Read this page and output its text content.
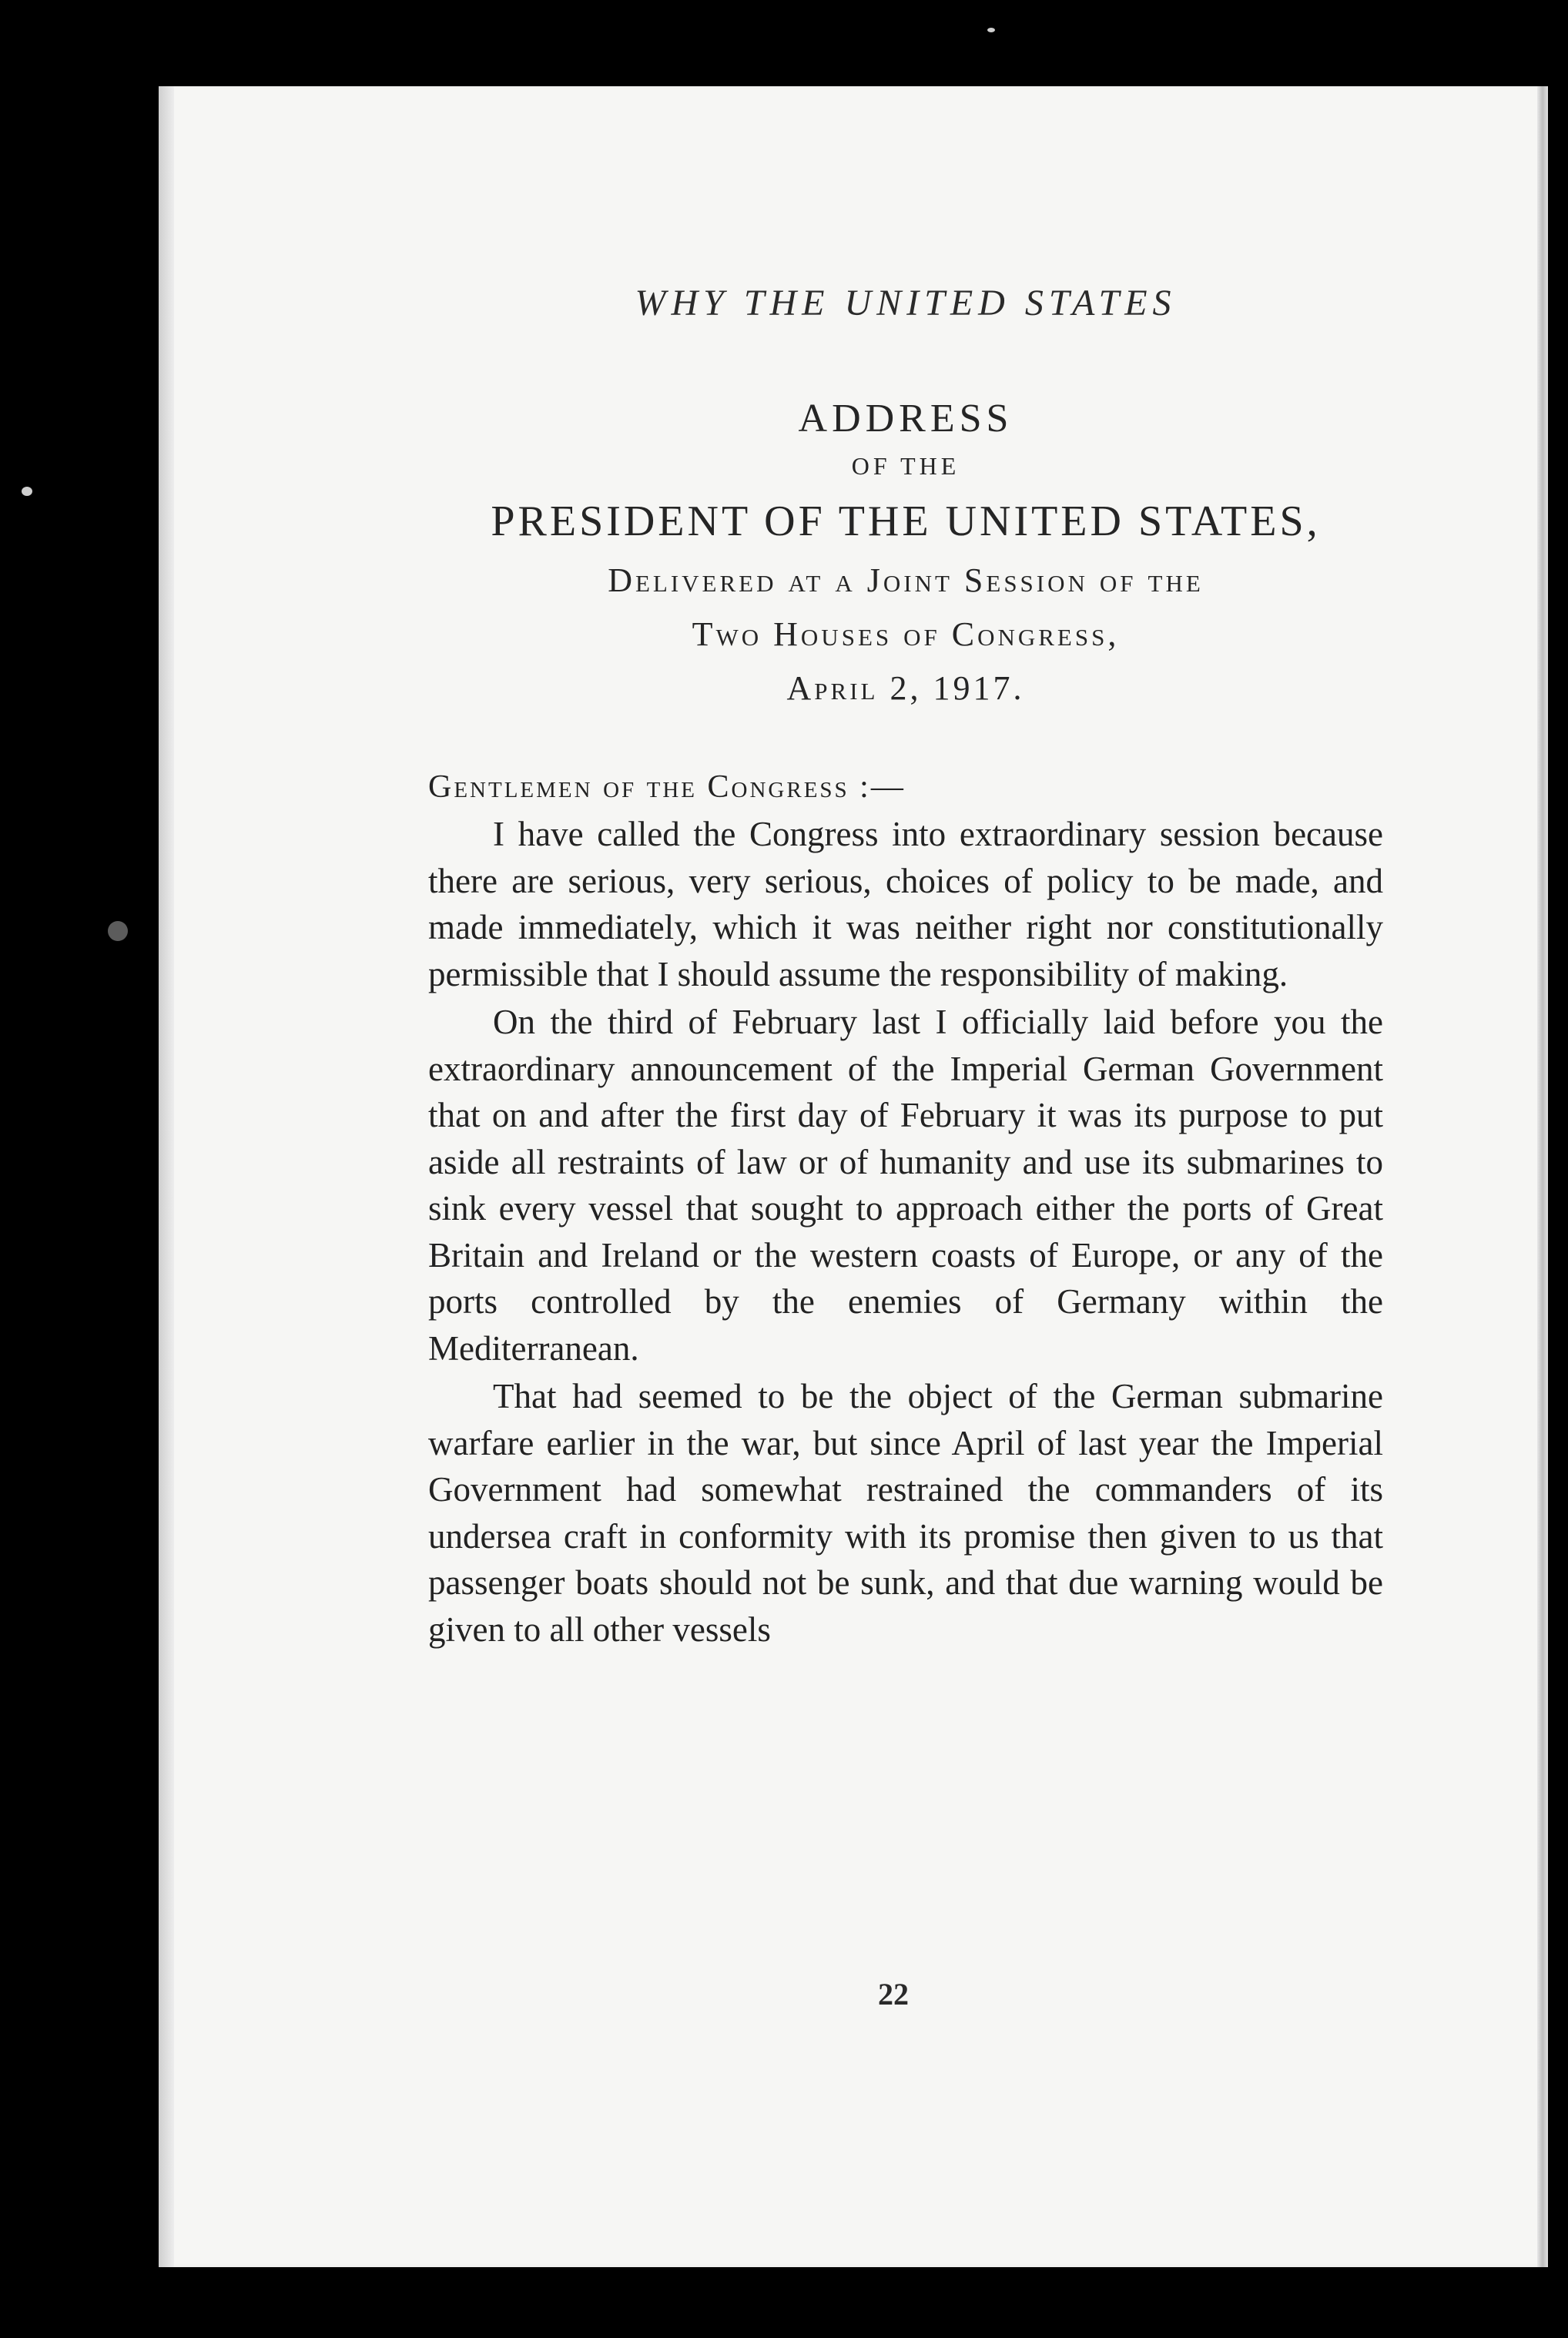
WHY THE UNITED STATES
ADDRESS
OF THE
PRESIDENT OF THE UNITED STATES,
Delivered at a Joint Session of the
Two Houses of Congress,
April 2, 1917.
Gentlemen of the Congress :—

I have called the Congress into extraordinary session because there are serious, very serious, choices of policy to be made, and made immediately, which it was neither right nor constitutionally permissible that I should assume the responsibility of making.

On the third of February last I officially laid before you the extraordinary announcement of the Imperial German Government that on and after the first day of February it was its purpose to put aside all restraints of law or of humanity and use its submarines to sink every vessel that sought to approach either the ports of Great Britain and Ireland or the western coasts of Europe, or any of the ports controlled by the enemies of Germany within the Mediterranean.

That had seemed to be the object of the German submarine warfare earlier in the war, but since April of last year the Imperial Government had somewhat restrained the commanders of its undersea craft in conformity with its promise then given to us that passenger boats should not be sunk, and that due warning would be given to all other vessels

22
